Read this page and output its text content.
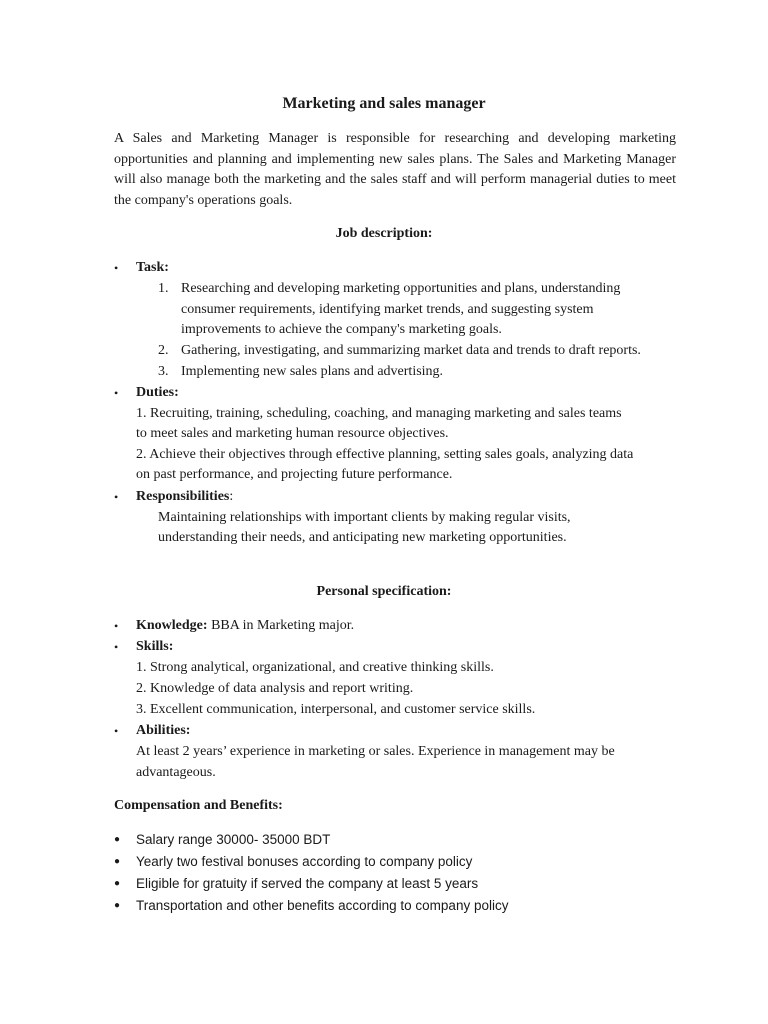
Marketing and sales manager

A Sales and Marketing Manager is responsible for researching and developing marketing opportunities and planning and implementing new sales plans. The Sales and Marketing Manager will also manage both the marketing and the sales staff and will perform managerial duties to meet the company's operations goals.

Job description:
• Task:
1. Researching and developing marketing opportunities and plans, understanding
consumer requirements, identifying market trends, and suggesting system
improvements to achieve the company's marketing goals.
2. Gathering, investigating, and summarizing market data and trends to draft reports.
3. Implementing new sales plans and advertising.
• Duties:
1. Recruiting, training, scheduling, coaching, and managing marketing and sales teams
to meet sales and marketing human resource objectives.
2. Achieve their objectives through effective planning, setting sales goals, analyzing data
on past performance, and projecting future performance.
• Responsibilities:
Maintaining relationships with important clients by making regular visits,
understanding their needs, and anticipating new marketing opportunities.
Personal specification:
• Knowledge: BBA in Marketing major.
• Skills:
1. Strong analytical, organizational, and creative thinking skills.
2. Knowledge of data analysis and report writing.
3. Excellent communication, interpersonal, and customer service skills.
• Abilities:
At least 2 years’ experience in marketing or sales. Experience in management may be
advantageous.
Compensation and Benefits:
● Salary range 30000- 35000 BDT
● Yearly two festival bonuses according to company policy
● Eligible for gratuity if served the company at least 5 years
● Transportation and other benefits according to company policy
